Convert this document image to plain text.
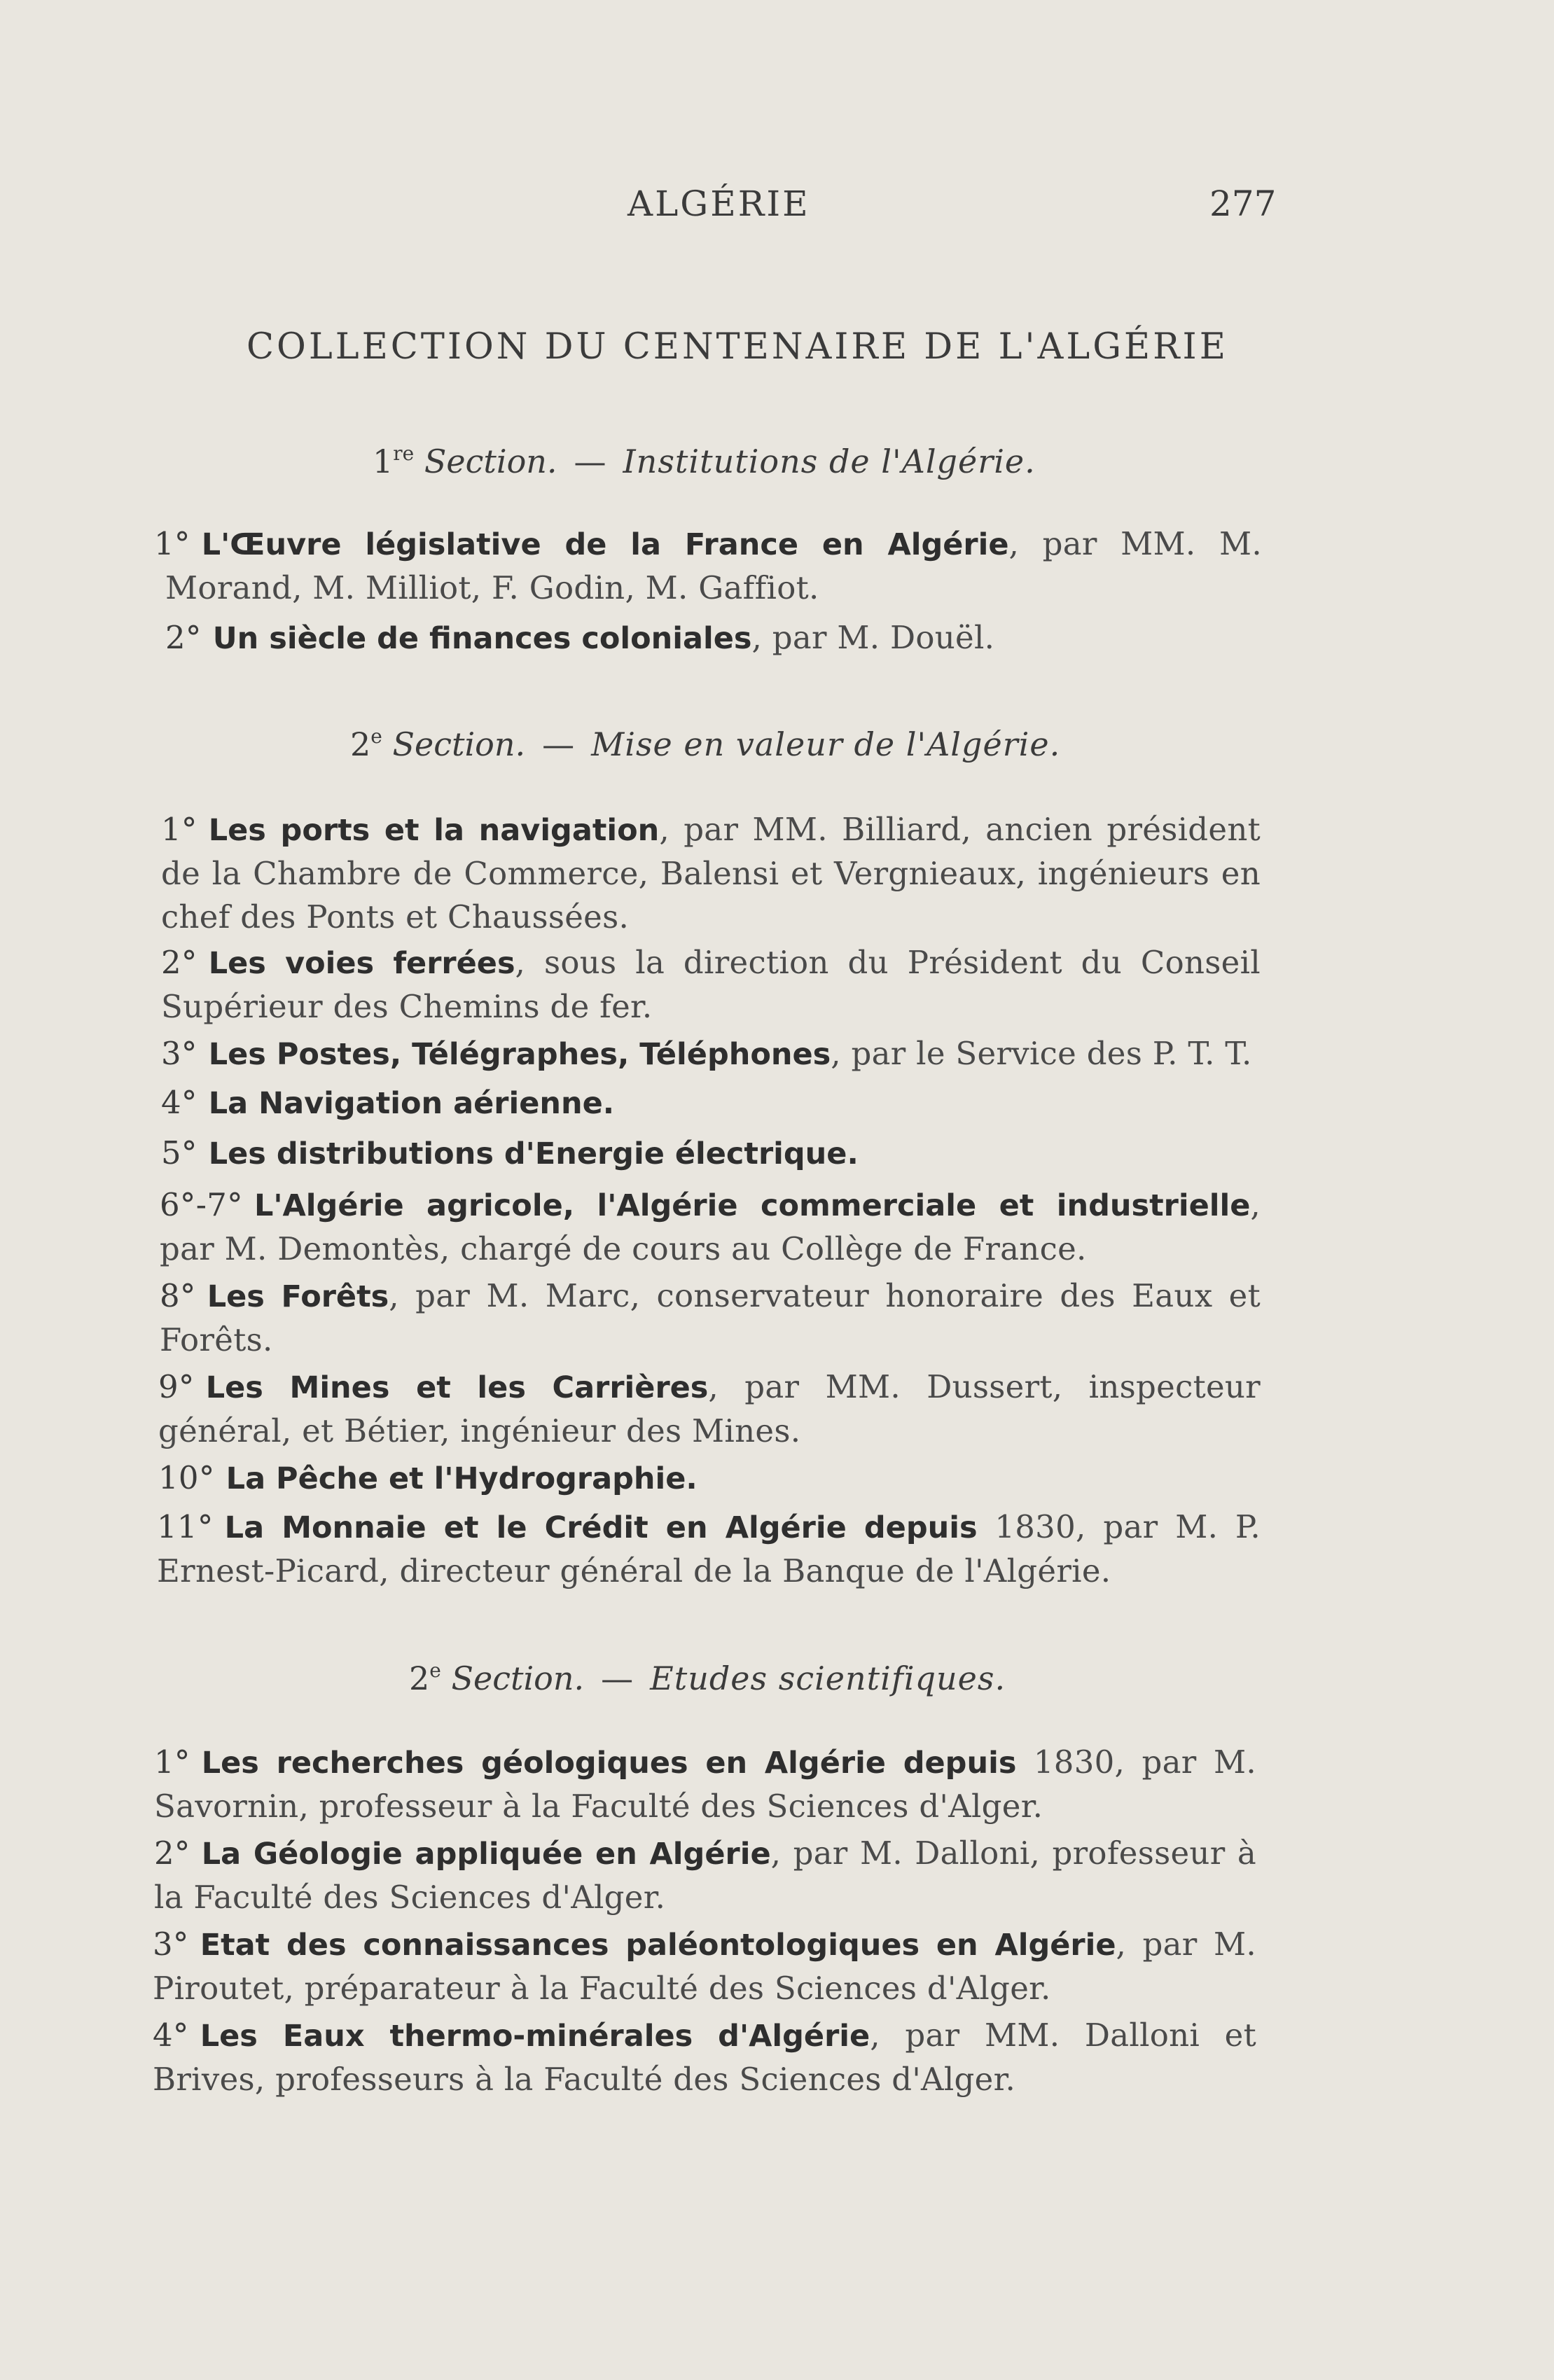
ALGÉRIE	277
COLLECTION DU CENTENAIRE DE L'ALGÉRIE
1re Section. — Institutions de l'Algérie.
1° L'Œuvre législative de la France en Algérie, par MM. M. Morand, M. Milliot, F. Godin, M. Gaffiot.
2° Un siècle de finances coloniales, par M. Douël.
2e Section. — Mise en valeur de l'Algérie.
1° Les ports et la navigation, par MM. Billiard, ancien président de la Chambre de Commerce, Balensi et Vergnieaux, ingénieurs en chef des Ponts et Chaussées.
2° Les voies ferrées, sous la direction du Président du Conseil Supérieur des Chemins de fer.
3° Les Postes, Télégraphes, Téléphones, par le Service des P. T. T.
4° La Navigation aérienne.
5° Les distributions d'Energie électrique.
6°-7° L'Algérie agricole, l'Algérie commerciale et industrielle, par M. Demontès, chargé de cours au Collège de France.
8° Les Forêts, par M. Marc, conservateur honoraire des Eaux et Forêts.
9° Les Mines et les Carrières, par MM. Dussert, inspecteur général, et Bétier, ingénieur des Mines.
10° La Pêche et l'Hydrographie.
11° La Monnaie et le Crédit en Algérie depuis 1830, par M. P. Ernest-Picard, directeur général de la Banque de l'Algérie.
2e Section. — Etudes scientifiques.
1° Les recherches géologiques en Algérie depuis 1830, par M. Savornin, professeur à la Faculté des Sciences d'Alger.
2° La Géologie appliquée en Algérie, par M. Dalloni, professeur à la Faculté des Sciences d'Alger.
3° Etat des connaissances paléontologiques en Algérie, par M. Piroutet, préparateur à la Faculté des Sciences d'Alger.
4° Les Eaux thermo-minérales d'Algérie, par MM. Dalloni et Brives, professeurs à la Faculté des Sciences d'Alger.
